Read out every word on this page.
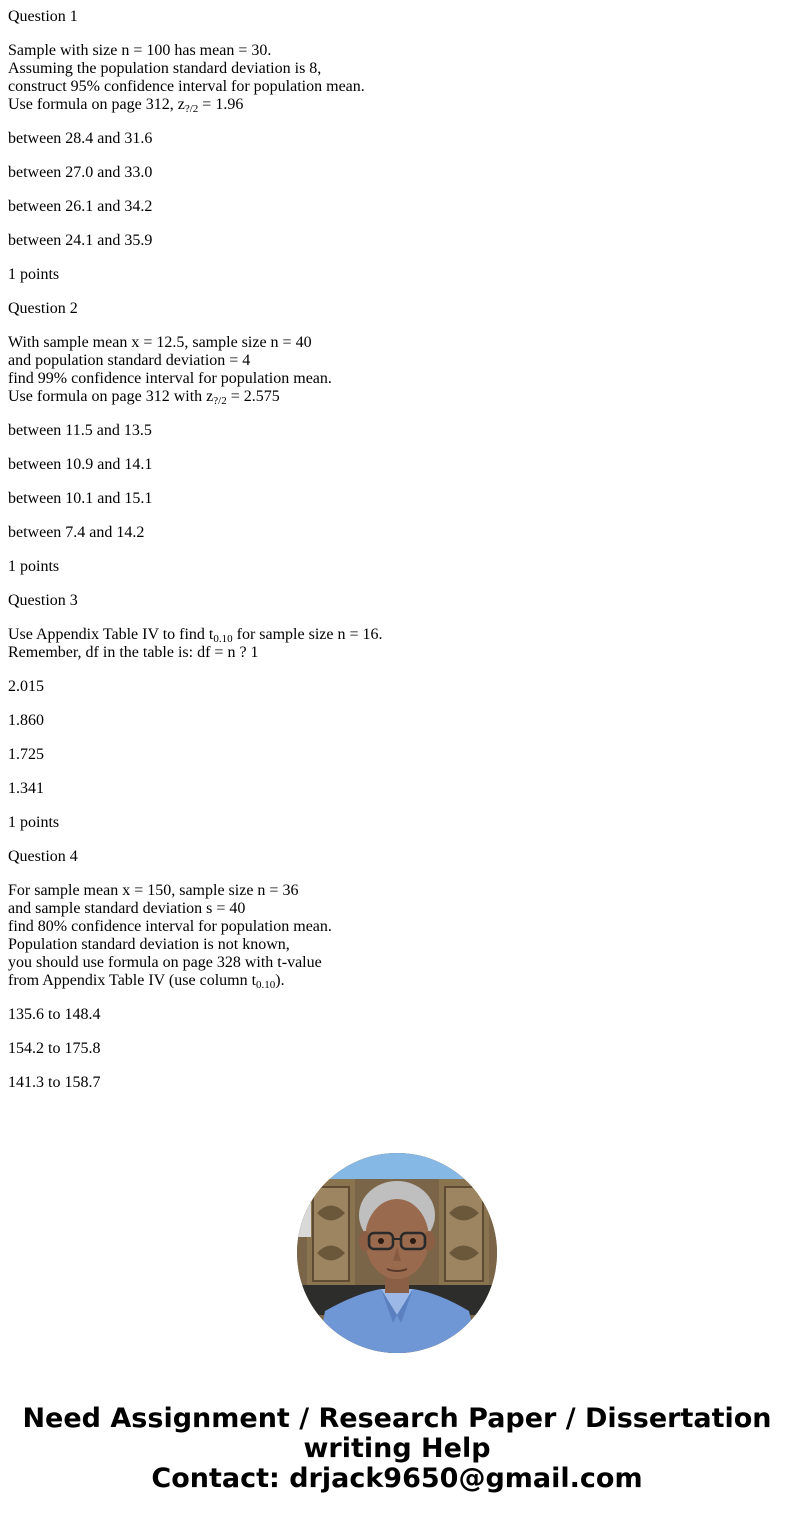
Question 1
Sample with size n = 100 has mean = 30.
Assuming the population standard deviation is 8,
construct 95% confidence interval for population mean.
Use formula on page 312, $z_{?/2} = 1.96$
between 28.4 and 31.6
between 27.0 and 33.0
between 26.1 and 34.2
between 24.1 and 35.9
1 points
Question 2
With sample mean x = 12.5, sample size n = 40
and population standard deviation = 4
find 99% confidence interval for population mean.
Use formula on page 312 with $z_{?/2} = 2.575$
between 11.5 and 13.5
between 10.9 and 14.1
between 10.1 and 15.1
between 7.4 and 14.2
1 points
Question 3
Use Appendix Table IV to find $t_{0.10}$ for sample size n = 16.
Remember, df in the table is: df = n ? 1
2.015
1.860
1.725
1.341
1 points
Question 4
For sample mean x = 150, sample size n = 36
and sample standard deviation s = 40
find 80% confidence interval for population mean.
Population standard deviation is not known,
you should use formula on page 328 with t-value
from Appendix Table IV (use column $t_{0.10}$).
135.6 to 148.4
154.2 to 175.8
141.3 to 158.7
Need Assignment / Research Paper / Dissertation
writing Help
Contact: drjack9650@gmail.com
